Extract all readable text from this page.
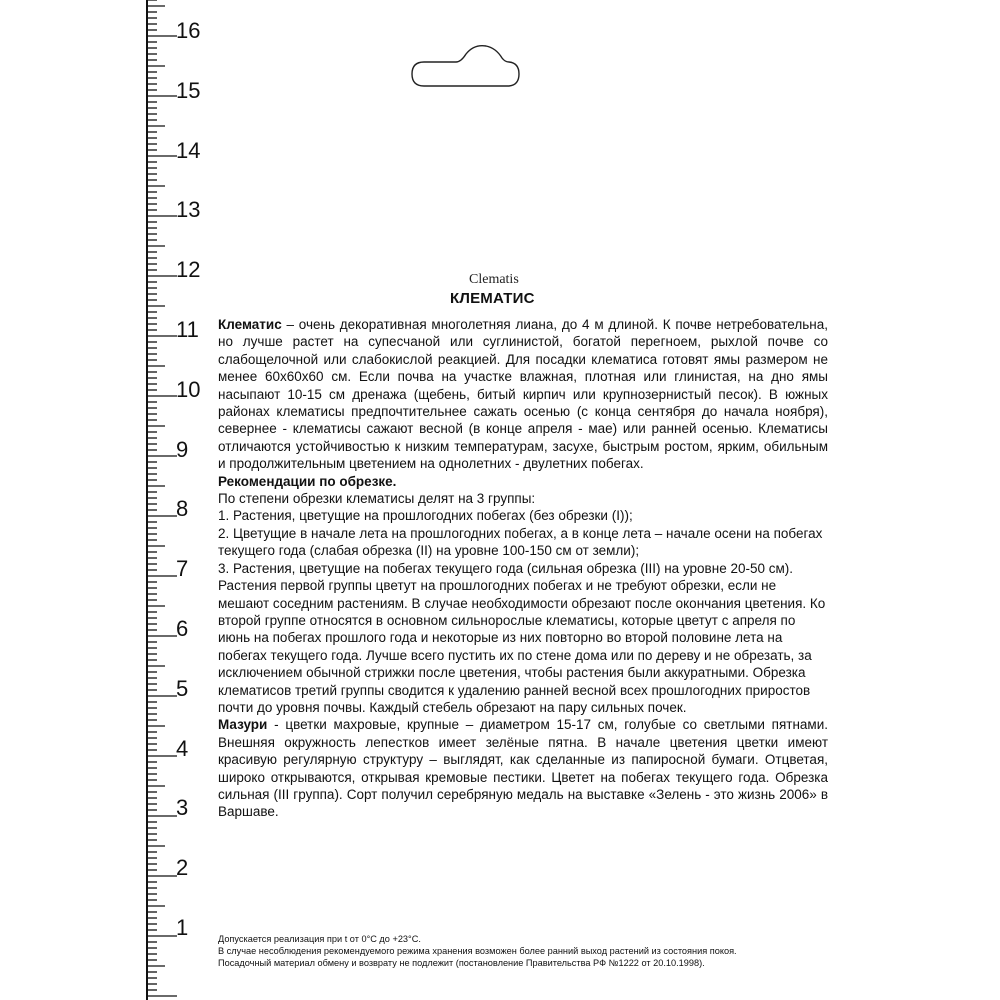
16
15
14
13
12
11
10
9
8
7
6
5
4
3
2
1
Clematis
КЛЕМАТИС

Клематис – очень декоративная многолетняя лиана, до 4 м длиной. К почве нетребовательна, но лучше растет на супесчаной или суглинистой, богатой перегноем, рыхлой почве со слабощелочной или слабокислой реакцией. Для посадки клематиса готовят ямы размером не менее 60х60х60 см. Если почва на участке влажная, плотная или глинистая, на дно ямы насыпают 10-15 см дренажа (щебень, битый кирпич или крупнозернистый песок). В южных районах клематисы предпочтительнее сажать осенью (с конца сентября до начала ноября), севернее - клематисы сажают весной (в конце апреля - мае) или ранней осенью. Клематисы отличаются устойчивостью к низким температурам, засухе, быстрым ростом, ярким, обильным и продолжительным цветением на однолетних - двулетних побегах.

Рекомендации по обрезке.

По степени обрезки клематисы делят на 3 группы:

1. Растения, цветущие на прошлогодних побегах (без обрезки (I));

2. Цветущие в начале лета на прошлогодних побегах, а в конце лета – начале осени на побегах текущего года (слабая обрезка (II) на уровне 100-150 см от земли);

3. Растения, цветущие на побегах текущего года (сильная обрезка (III) на уровне 20-50 см).

Растения первой группы цветут на прошлогодних побегах и не требуют обрезки, если не мешают соседним растениям. В случае необходимости обрезают после окончания цветения. Ко второй группе относятся в основном сильнорослые клематисы, которые цветут с апреля по июнь на побегах прошлого года и некоторые из них повторно во второй половине лета на побегах текущего года. Лучше всего пустить их по стене дома или по дереву и не обрезать, за исключением обычной стрижки после цветения, чтобы растения были аккуратными. Обрезка клематисов третий группы сводится к удалению ранней весной всех прошлогодних приростов почти до уровня почвы. Каждый стебель обрезают на пару сильных почек.

Мазури - цветки махровые, крупные – диаметром 15-17 см, голубые со светлыми пятнами. Внешняя окружность лепестков имеет зелёные пятна. В начале цветения цветки имеют красивую регулярную структуру – выглядят, как сделанные из папиросной бумаги. Отцветая, широко открываются, открывая кремовые пестики. Цветет на побегах текущего года. Обрезка сильная (III группа). Сорт получил серебряную медаль на выставке «Зелень - это жизнь 2006» в Варшаве.

Допускается реализация при t от 0°С до +23°С.

В случае несоблюдения рекомендуемого режима хранения возможен более ранний выход растений из состояния покоя.

Посадочный материал обмену и возврату не подлежит (постановление Правительства РФ №1222 от 20.10.1998).
